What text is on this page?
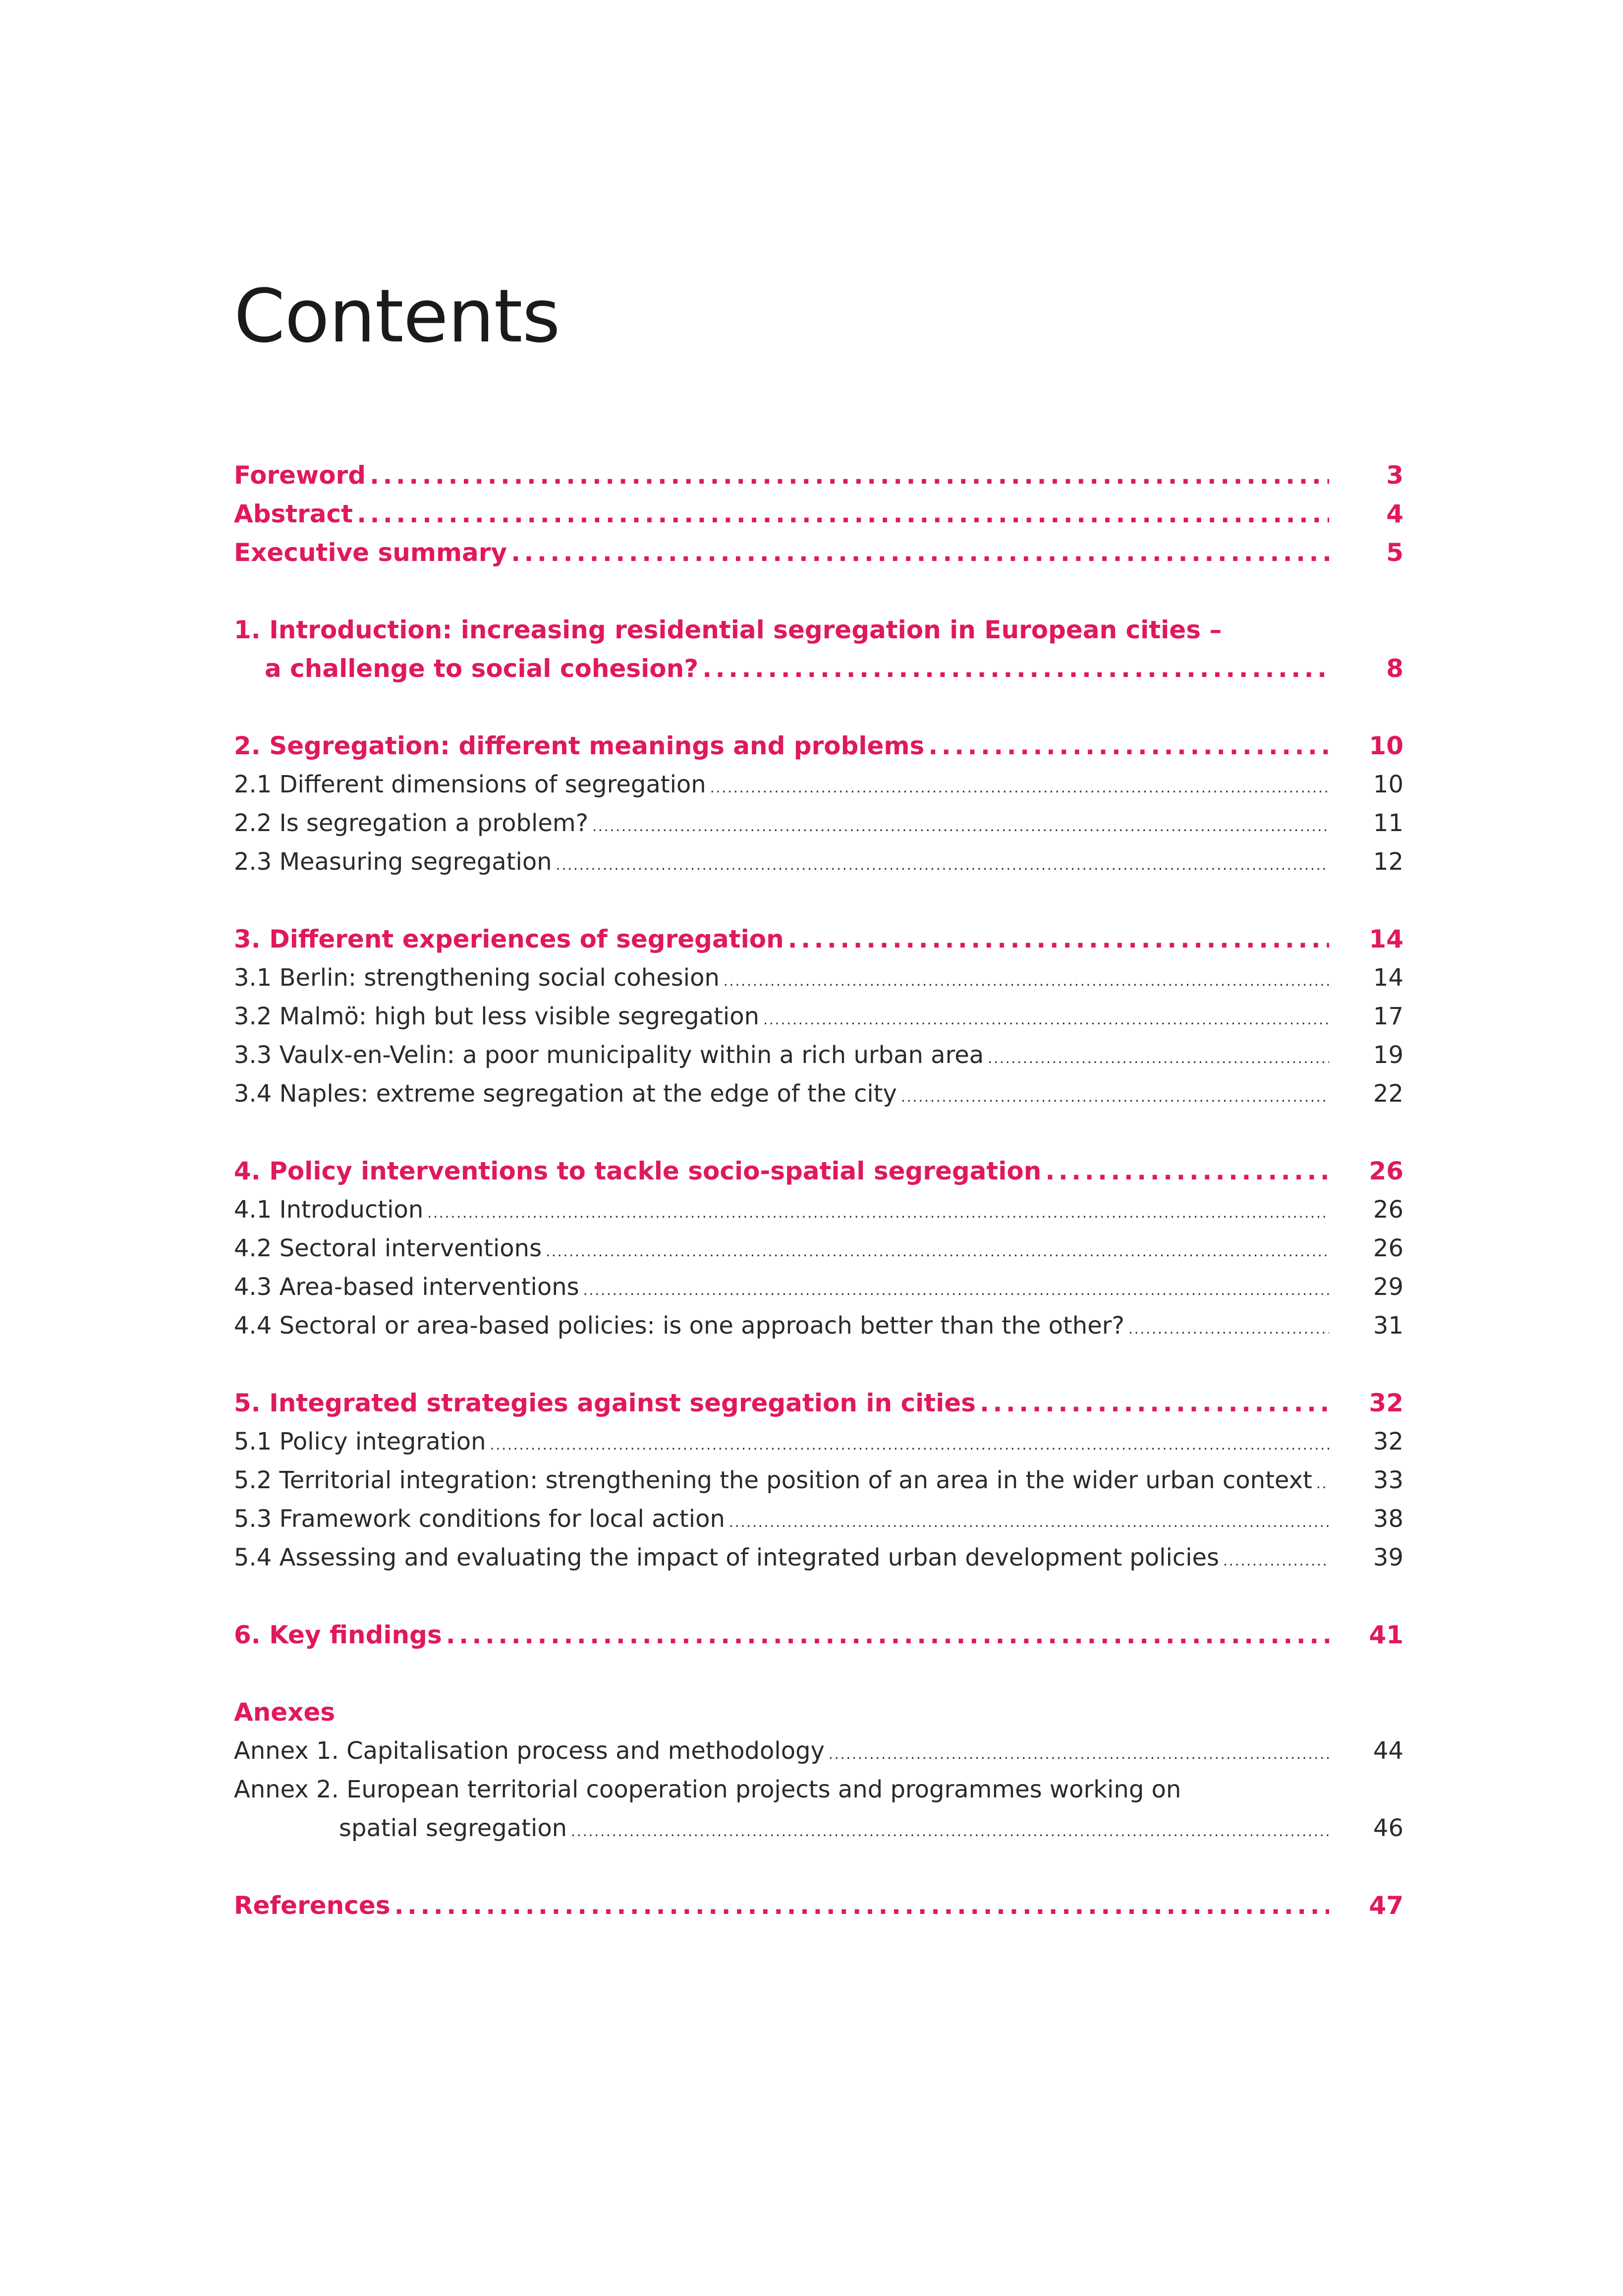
Contents
Foreword . . .	3
Abstract . . .	4
Executive summary . . .	5
1. Introduction: increasing residential segregation in European cities –
a challenge to social cohesion? . . .	8
2. Segregation: different meanings and problems . . .	10
2.1 Different dimensions of segregation . . .	10
2.2 Is segregation a problem? . . .	11
2.3 Measuring segregation . . .	12
3. Different experiences of segregation . . .	14
3.1 Berlin: strengthening social cohesion . . .	14
3.2 Malmö: high but less visible segregation . . .	17
3.3 Vaulx-en-Velin: a poor municipality within a rich urban area . . .	19
3.4 Naples: extreme segregation at the edge of the city . . .	22
4. Policy interventions to tackle socio-spatial segregation . . .	26
4.1 Introduction . . .	26
4.2 Sectoral interventions . . .	26
4.3 Area-based interventions . . .	29
4.4 Sectoral or area-based policies: is one approach better than the other? . . .	31
5. Integrated strategies against segregation in cities . . .	32
5.1 Policy integration . . .	32
5.2 Territorial integration: strengthening the position of an area in the wider urban context . . .	33
5.3 Framework conditions for local action . . .	38
5.4 Assessing and evaluating the impact of integrated urban development policies . . .	39
6. Key findings . . .	41
Anexes
Annex 1. Capitalisation process and methodology . . .	44
Annex 2. European territorial cooperation projects and programmes working on
spatial segregation . . .	46
References . . .	47
